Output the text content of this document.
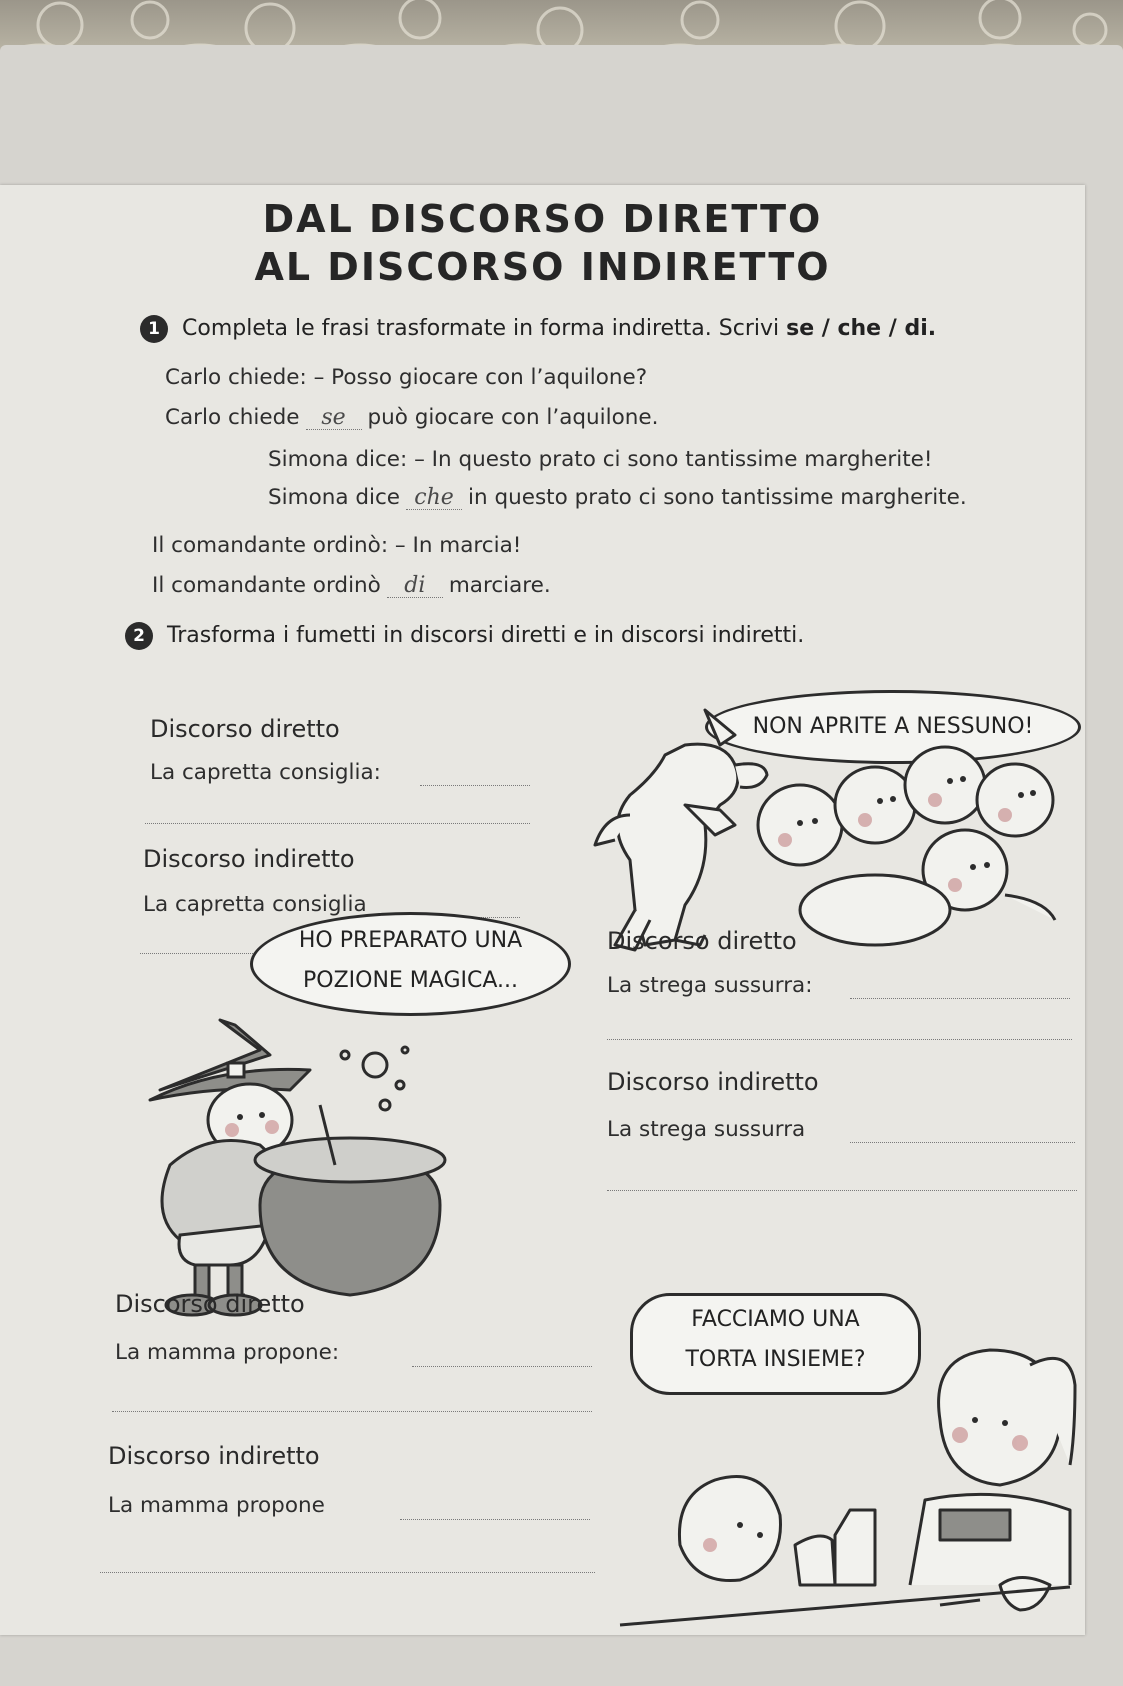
DAL DISCORSO DIRETTO
AL DISCORSO INDIRETTO
1 Completa le frasi trasformate in forma indiretta. Scrivi se / che / di.
Carlo chiede: – Posso giocare con l’aquilone?
Carlo chiede se può giocare con l’aquilone.
Simona dice: – In questo prato ci sono tantissime margherite!
Simona dice che in questo prato ci sono tantissime margherite.
Il comandante ordinò: – In marcia!
Il comandante ordinò di marciare.
2 Trasforma i fumetti in discorsi diretti e in discorsi indiretti.
Discorso diretto
La capretta consiglia:
Discorso indiretto
La capretta consiglia
NON APRITE A NESSUNO!
HO PREPARATO UNA
POZIONE MAGICA...
Discorso diretto
La strega sussurra:
Discorso indiretto
La strega sussurra
Discorso diretto
La mamma propone:
Discorso indiretto
La mamma propone
FACCIAMO UNA
TORTA INSIEME?
